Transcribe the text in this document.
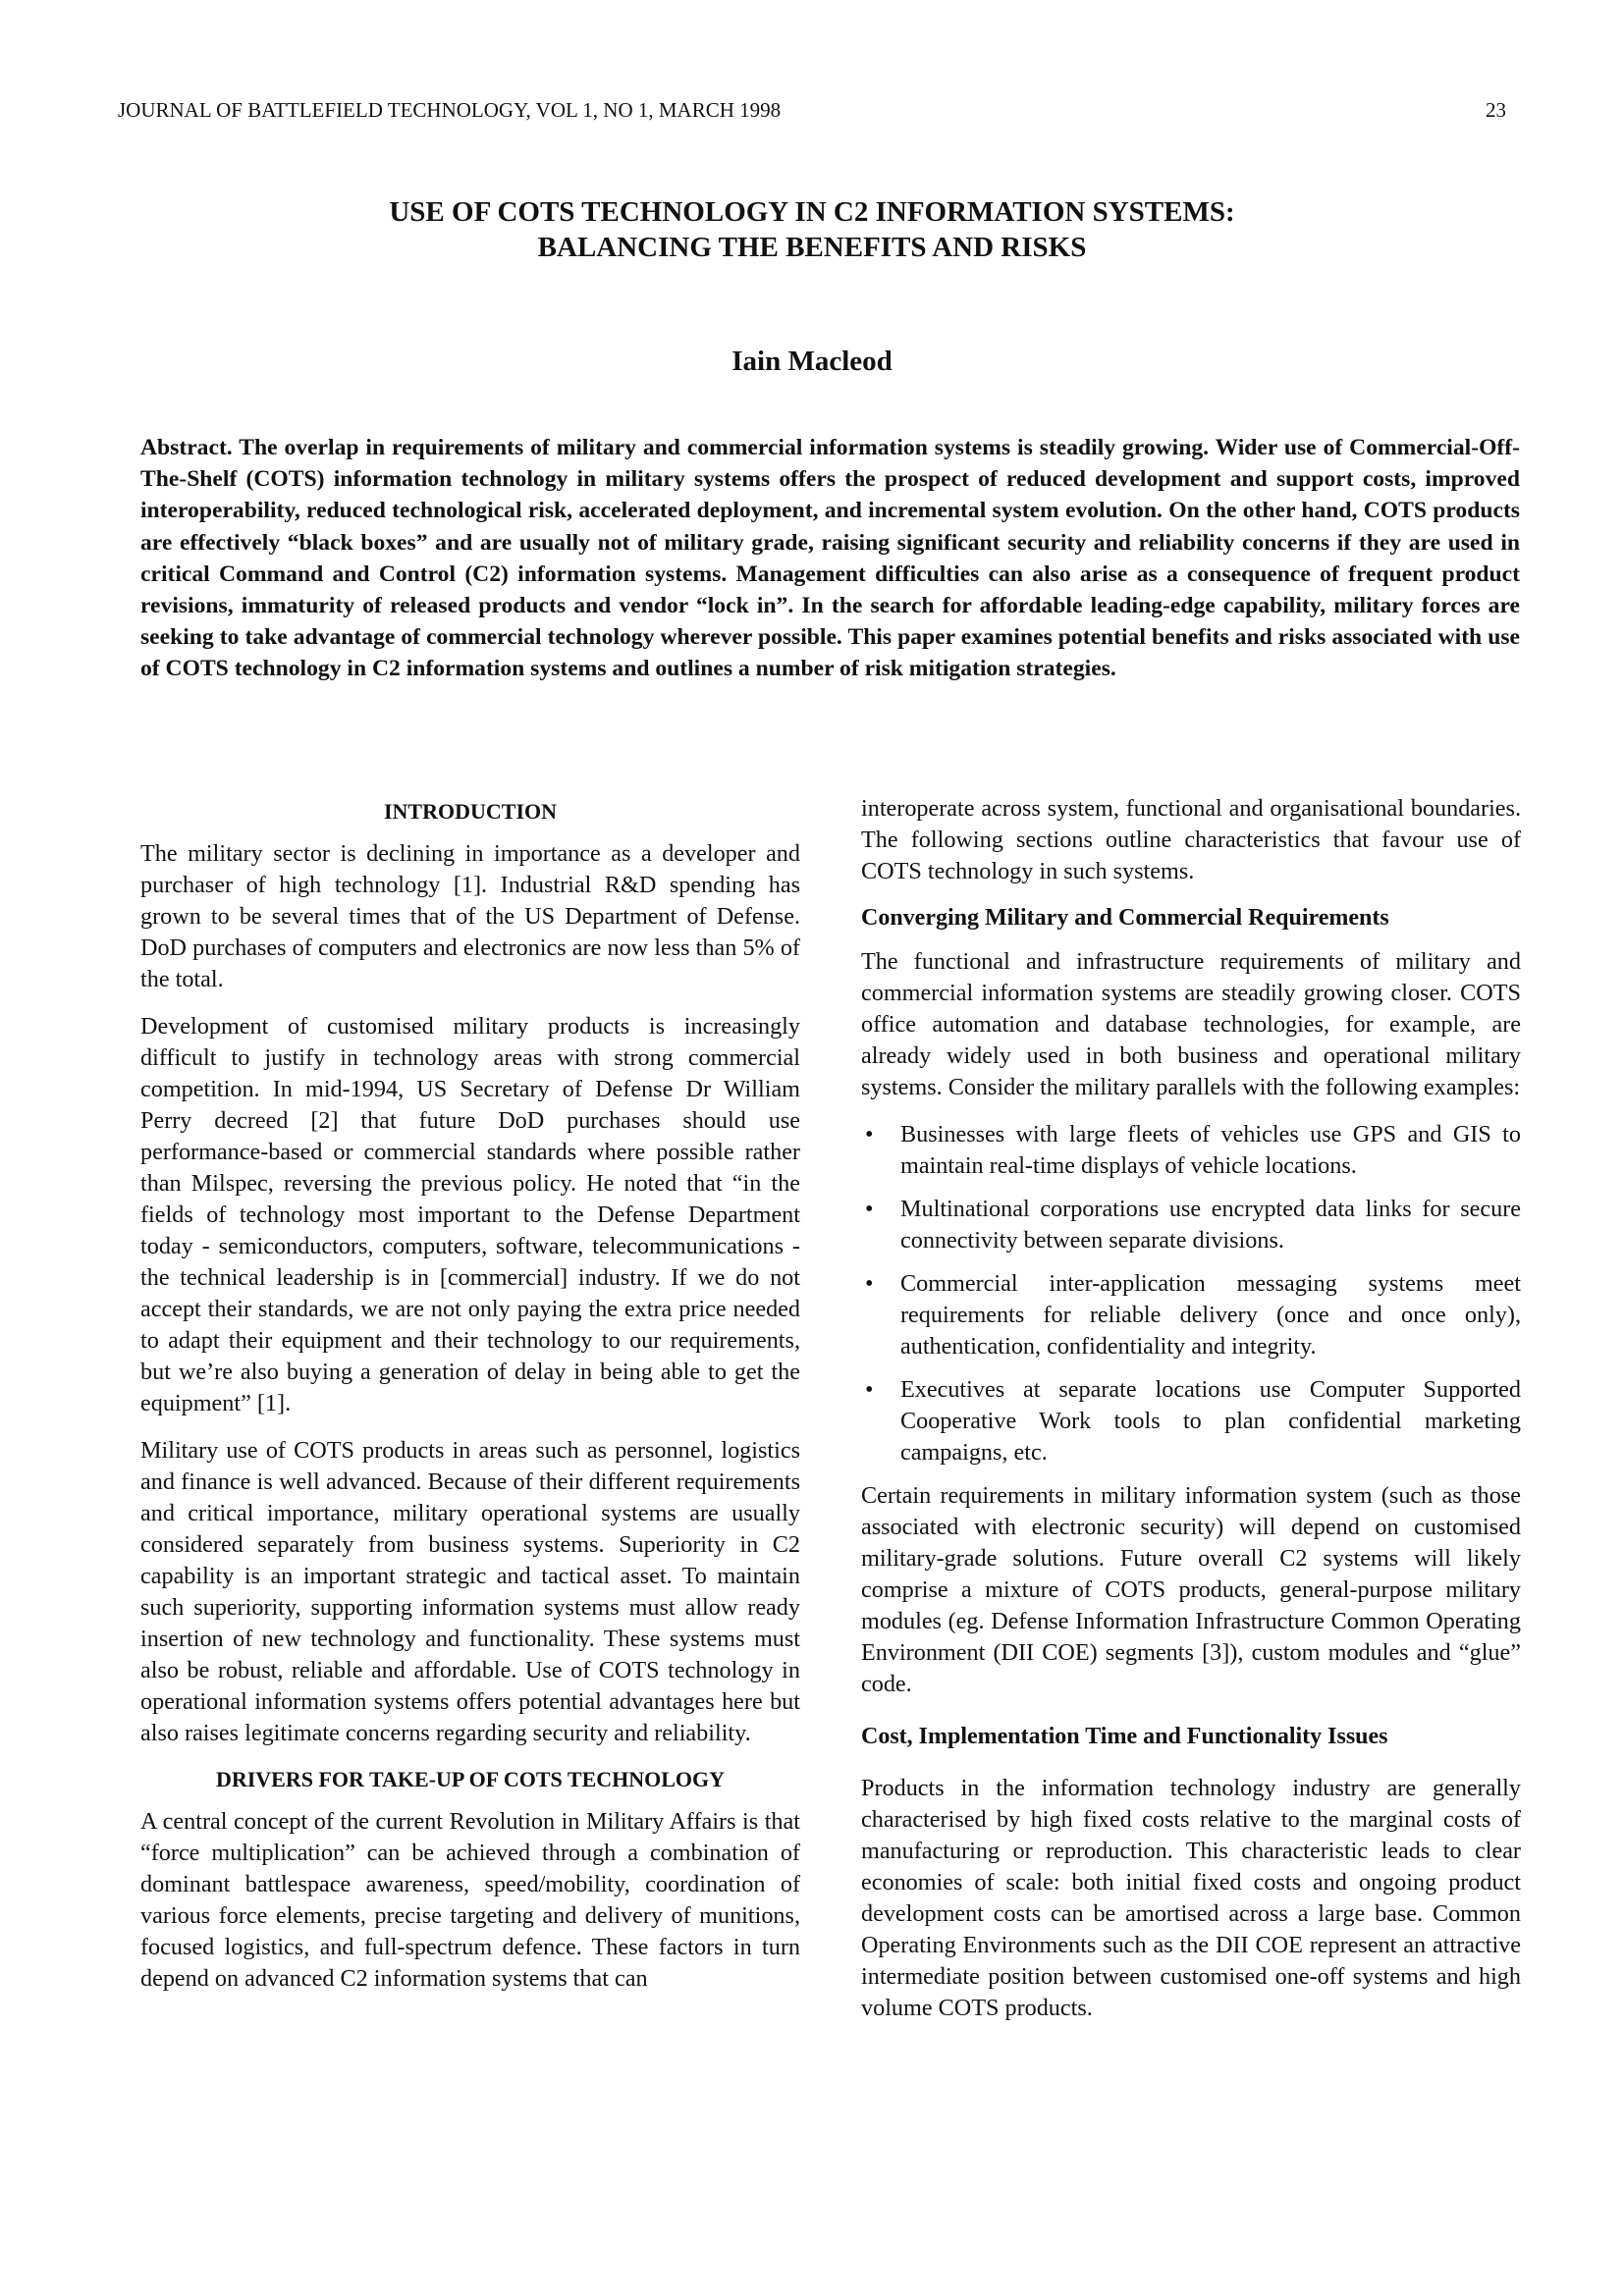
JOURNAL OF BATTLEFIELD TECHNOLOGY, VOL 1, NO 1, MARCH 1998	23
USE OF COTS TECHNOLOGY IN C2 INFORMATION SYSTEMS:
BALANCING THE BENEFITS AND RISKS
Iain Macleod
Abstract. The overlap in requirements of military and commercial information systems is steadily growing. Wider use of Commercial-Off-The-Shelf (COTS) information technology in military systems offers the prospect of reduced development and support costs, improved interoperability, reduced technological risk, accelerated deployment, and incremental system evolution. On the other hand, COTS products are effectively “black boxes” and are usually not of military grade, raising significant security and reliability concerns if they are used in critical Command and Control (C2) information systems. Management difficulties can also arise as a consequence of frequent product revisions, immaturity of released products and vendor “lock in”. In the search for affordable leading-edge capability, military forces are seeking to take advantage of commercial technology wherever possible. This paper examines potential benefits and risks associated with use of COTS technology in C2 information systems and outlines a number of risk mitigation strategies.
INTRODUCTION

The military sector is declining in importance as a developer and purchaser of high technology [1]. Industrial R&D spending has grown to be several times that of the US Department of Defense. DoD purchases of computers and electronics are now less than 5% of the total.

Development of customised military products is increasingly difficult to justify in technology areas with strong commercial competition. In mid-1994, US Secretary of Defense Dr William Perry decreed [2] that future DoD purchases should use performance-based or commercial standards where possible rather than Milspec, reversing the previous policy. He noted that “in the fields of technology most important to the Defense Department today - semiconductors, computers, software, telecommunications - the technical leadership is in [commercial] industry. If we do not accept their standards, we are not only paying the extra price needed to adapt their equipment and their technology to our requirements, but we’re also buying a generation of delay in being able to get the equipment” [1].

Military use of COTS products in areas such as personnel, logistics and finance is well advanced. Because of their different requirements and critical importance, military operational systems are usually considered separately from business systems. Superiority in C2 capability is an important strategic and tactical asset. To maintain such superiority, supporting information systems must allow ready insertion of new technology and functionality. These systems must also be robust, reliable and affordable. Use of COTS technology in operational information systems offers potential advantages here but also raises legitimate concerns regarding security and reliability.

DRIVERS FOR TAKE-UP OF COTS TECHNOLOGY

A central concept of the current Revolution in Military Affairs is that “force multiplication” can be achieved through a combination of dominant battlespace awareness, speed/mobility, coordination of various force elements, precise targeting and delivery of munitions, focused logistics, and full-spectrum defence. These factors in turn depend on advanced C2 information systems that can

interoperate across system, functional and organisational boundaries. The following sections outline characteristics that favour use of COTS technology in such systems.

Converging Military and Commercial Requirements

The functional and infrastructure requirements of military and commercial information systems are steadily growing closer. COTS office automation and database technologies, for example, are already widely used in both business and operational military systems. Consider the military parallels with the following examples:

• Businesses with large fleets of vehicles use GPS and GIS to maintain real-time displays of vehicle locations.
• Multinational corporations use encrypted data links for secure connectivity between separate divisions.
• Commercial inter-application messaging systems meet requirements for reliable delivery (once and once only), authentication, confidentiality and integrity.
• Executives at separate locations use Computer Supported Cooperative Work tools to plan confidential marketing campaigns, etc.

Certain requirements in military information system (such as those associated with electronic security) will depend on customised military-grade solutions. Future overall C2 systems will likely comprise a mixture of COTS products, general-purpose military modules (eg. Defense Information Infrastructure Common Operating Environment (DII COE) segments [3]), custom modules and “glue” code.

Cost, Implementation Time and Functionality Issues

Products in the information technology industry are generally characterised by high fixed costs relative to the marginal costs of manufacturing or reproduction. This characteristic leads to clear economies of scale: both initial fixed costs and ongoing product development costs can be amortised across a large base. Common Operating Environments such as the DII COE represent an attractive intermediate position between customised one-off systems and high volume COTS products.
